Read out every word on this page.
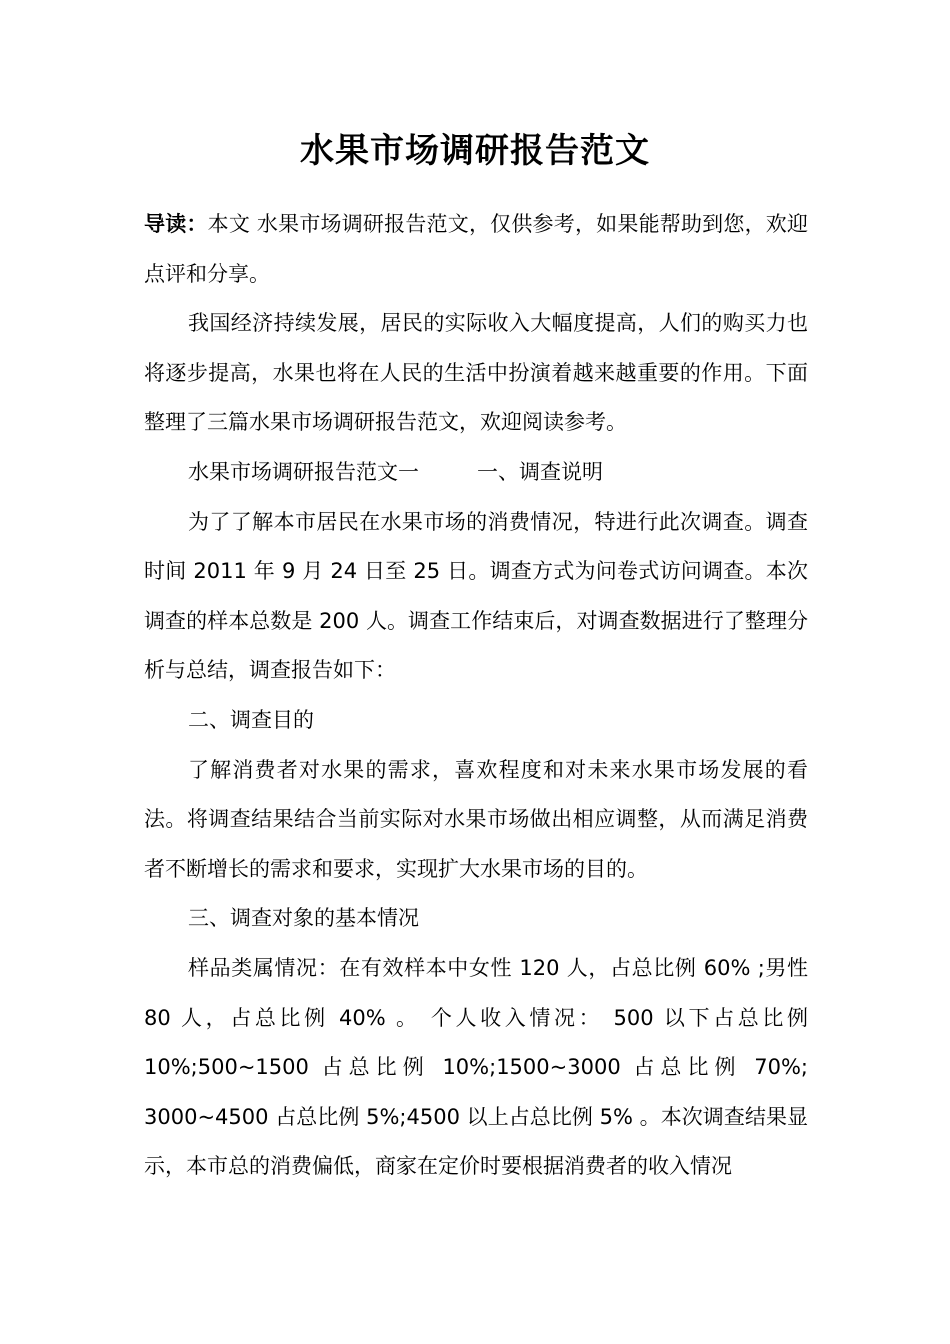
水果市场调研报告范文

导读：本文 水果市场调研报告范文，仅供参考，如果能帮助到您，欢迎点评和分享。

我国经济持续发展，居民的实际收入大幅度提高，人们的购买力也将逐步提高，水果也将在人民的生活中扮演着越来越重要的作用。下面整理了三篇水果市场调研报告范文，欢迎阅读参考。

水果市场调研报告范文一	一、调查说明

为了了解本市居民在水果市场的消费情况，特进行此次调查。调查时间 2011 年 9 月 24 日至 25 日。调查方式为问卷式访问调查。本次调查的样本总数是 200 人。调查工作结束后，对调查数据进行了整理分析与总结，调查报告如下：

二、调查目的

了解消费者对水果的需求，喜欢程度和对未来水果市场发展的看法。将调查结果结合当前实际对水果市场做出相应调整，从而满足消费者不断增长的需求和要求，实现扩大水果市场的目的。

三、调查对象的基本情况

样品类属情况：在有效样本中女性 120 人，占总比例 60% ;男性 80 人，占总比例 40% 。 个人收入情况： 500 以下占总比例 10%;500~1500 占总比例 10%;1500~3000 占总比例 70%; 3000~4500 占总比例 5%;4500 以上占总比例 5% 。本次调查结果显示，本市总的消费偏低，商家在定价时要根据消费者的收入情况
